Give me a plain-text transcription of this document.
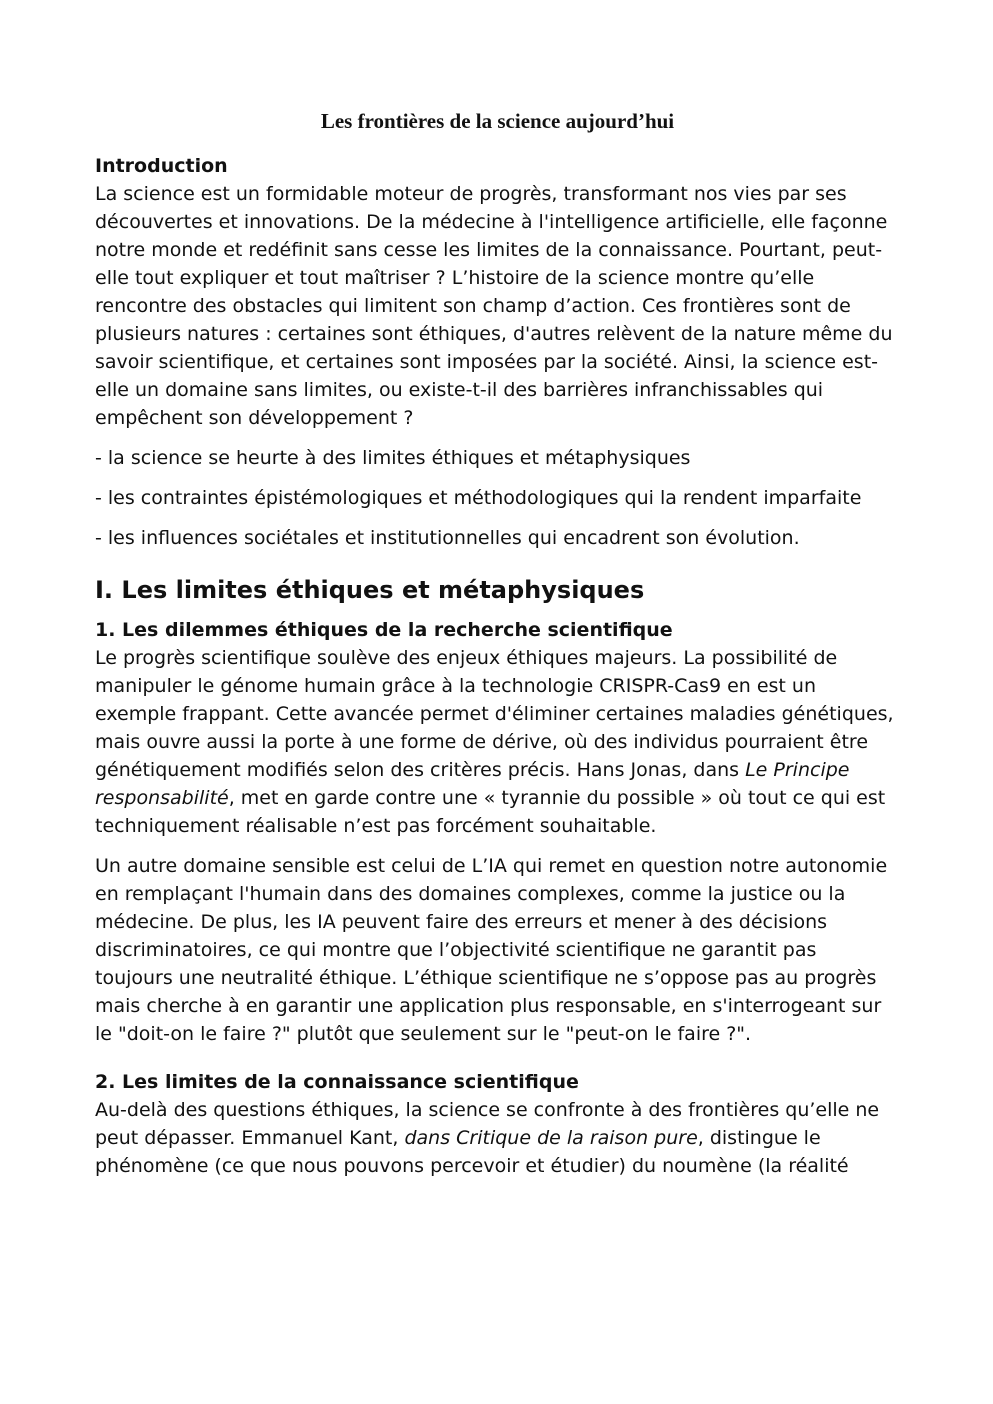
Les frontières de la science aujourd’hui
Introduction

La science est un formidable moteur de progrès, transformant nos vies par ses découvertes et innovations. De la médecine à l'intelligence artificielle, elle façonne notre monde et redéfinit sans cesse les limites de la connaissance. Pourtant, peut-elle tout expliquer et tout maîtriser ? L’histoire de la science montre qu’elle rencontre des obstacles qui limitent son champ d’action. Ces frontières sont de plusieurs natures : certaines sont éthiques, d'autres relèvent de la nature même du savoir scientifique, et certaines sont imposées par la société. Ainsi, la science est-elle un domaine sans limites, ou existe-t-il des barrières infranchissables qui empêchent son développement ?

- la science se heurte à des limites éthiques et métaphysiques

- les contraintes épistémologiques et méthodologiques qui la rendent imparfaite

- les influences sociétales et institutionnelles qui encadrent son évolution.

I. Les limites éthiques et métaphysiques
1. Les dilemmes éthiques de la recherche scientifique

Le progrès scientifique soulève des enjeux éthiques majeurs. La possibilité de manipuler le génome humain grâce à la technologie CRISPR-Cas9 en est un exemple frappant. Cette avancée permet d'éliminer certaines maladies génétiques, mais ouvre aussi la porte à une forme de dérive, où des individus pourraient être génétiquement modifiés selon des critères précis. Hans Jonas, dans Le Principe responsabilité, met en garde contre une « tyrannie du possible » où tout ce qui est techniquement réalisable n’est pas forcément souhaitable.

Un autre domaine sensible est celui de L’IA qui remet en question notre autonomie en remplaçant l'humain dans des domaines complexes, comme la justice ou la médecine. De plus, les IA peuvent faire des erreurs et mener à des décisions discriminatoires, ce qui montre que l’objectivité scientifique ne garantit pas toujours une neutralité éthique. L’éthique scientifique ne s’oppose pas au progrès mais cherche à en garantir une application plus responsable, en s'interrogeant sur le "doit-on le faire ?" plutôt que seulement sur le "peut-on le faire ?".

2. Les limites de la connaissance scientifique

Au-delà des questions éthiques, la science se confronte à des frontières qu’elle ne peut dépasser. Emmanuel Kant, dans Critique de la raison pure, distingue le phénomène (ce que nous pouvons percevoir et étudier) du noumène (la réalité
